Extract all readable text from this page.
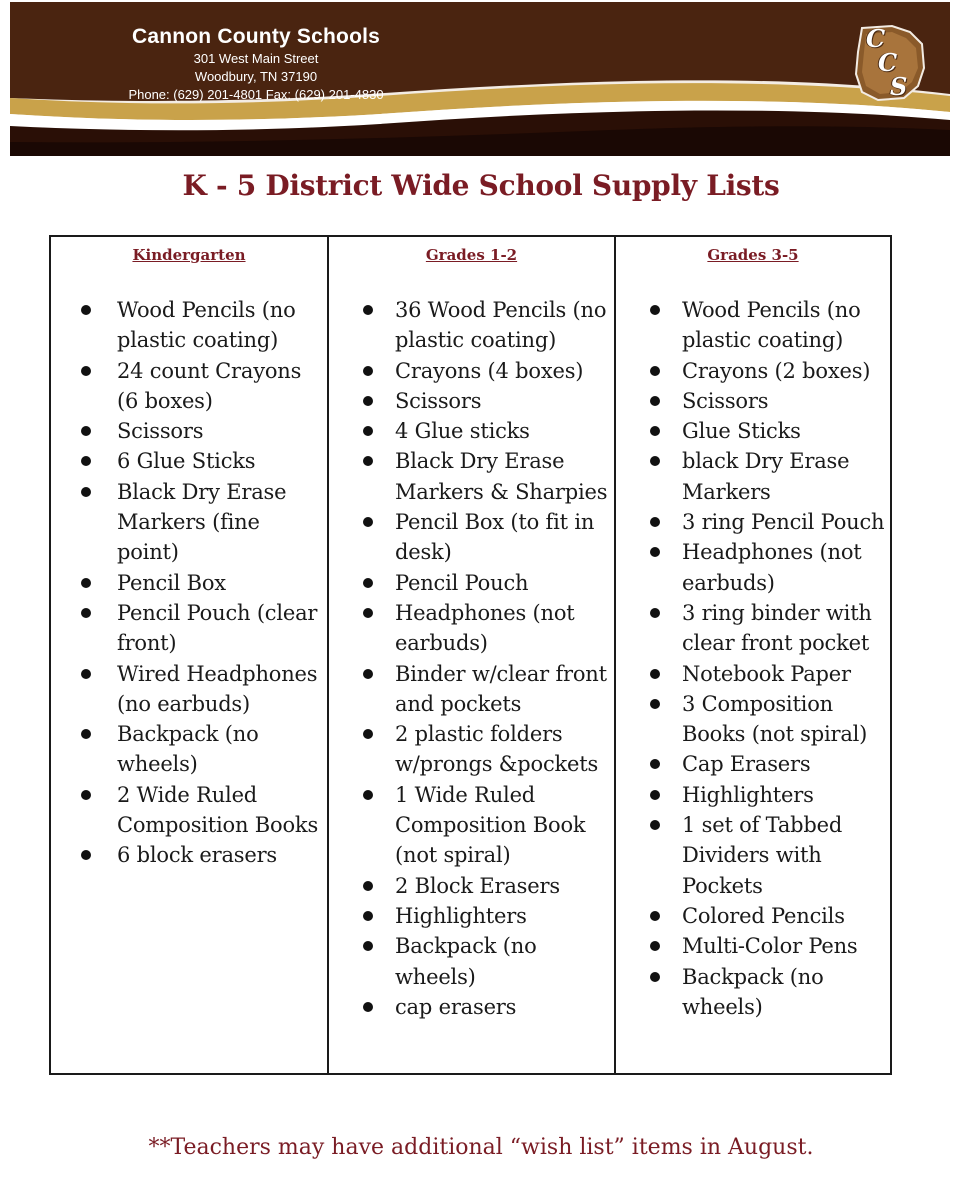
Cannon County Schools
301 West Main Street
Woodbury, TN 37190
Phone: (629) 201-4801 Fax: (629) 201-4830
C
C
S
K - 5 District Wide School Supply Lists
Kindergarten
Wood Pencils (no plastic coating)
24 count Crayons (6 boxes)
Scissors
6 Glue Sticks
Black Dry Erase Markers (fine point)
Pencil Box
Pencil Pouch (clear front)
Wired Headphones (no earbuds)
Backpack (no wheels)
2 Wide Ruled Composition Books
6 block erasers
Grades 1-2
36 Wood Pencils (no plastic coating)
Crayons (4 boxes)
Scissors
4 Glue sticks
Black Dry Erase Markers & Sharpies
Pencil Box (to fit in desk)
Pencil Pouch
Headphones (not earbuds)
Binder w/clear front and pockets
2 plastic folders w/prongs &pockets
1 Wide Ruled Composition Book (not spiral)
2 Block Erasers
Highlighters
Backpack (no wheels)
cap erasers
Grades 3-5
Wood Pencils (no plastic coating)
Crayons (2 boxes)
Scissors
Glue Sticks
black Dry Erase Markers
3 ring Pencil Pouch
Headphones (not earbuds)
3 ring binder with clear front pocket
Notebook Paper
3 Composition Books (not spiral)
Cap Erasers
Highlighters
1 set of Tabbed Dividers with Pockets
Colored Pencils
Multi-Color Pens
Backpack (no wheels)
**Teachers may have additional “wish list” items in August.
